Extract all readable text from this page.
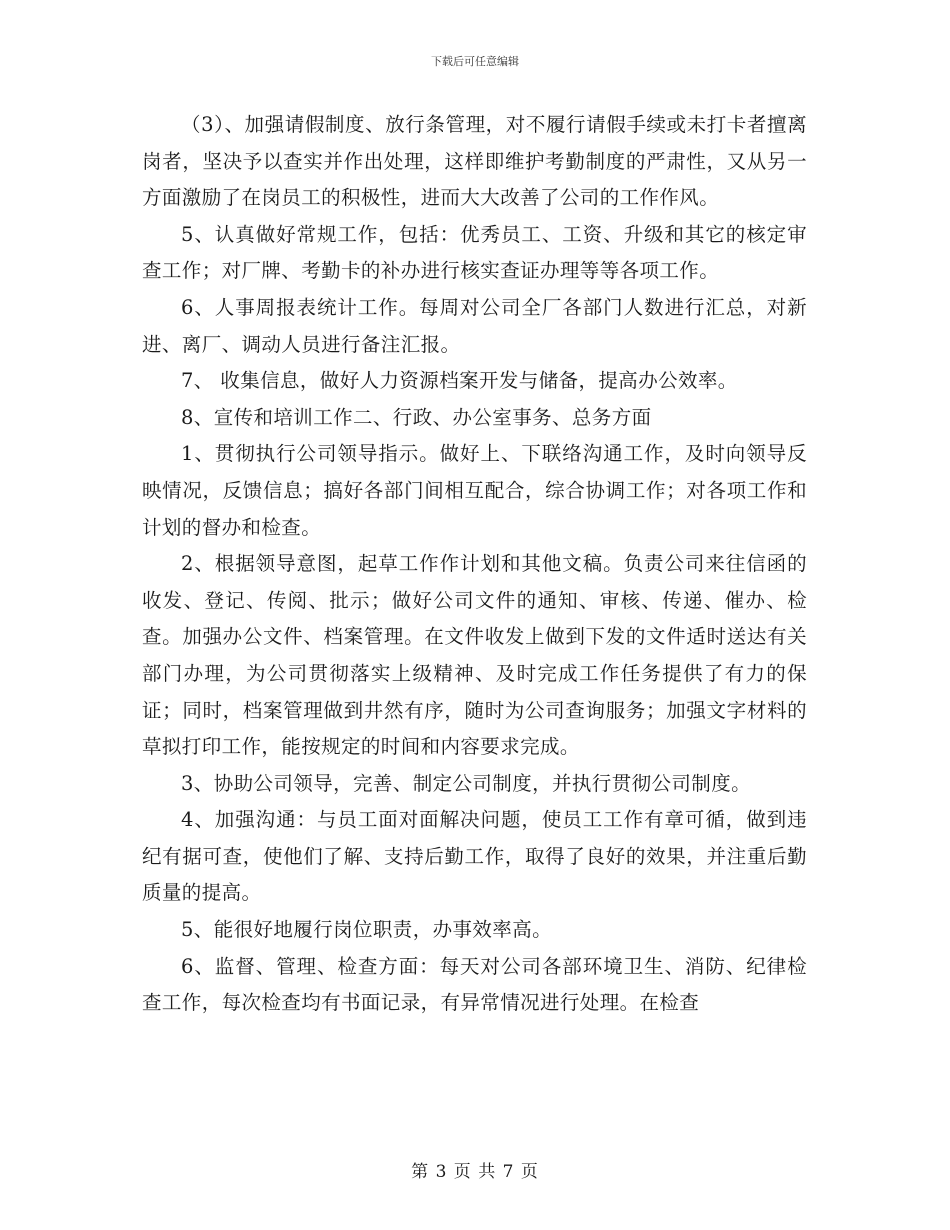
下载后可任意编辑

（3）、加强请假制度、放行条管理，对不履行请假手续或未打卡者擅离岗者，坚决予以查实并作出处理，这样即维护考勤制度的严肃性，又从另一方面激励了在岗员工的积极性，进而大大改善了公司的工作作风。

5、认真做好常规工作，包括：优秀员工、工资、升级和其它的核定审查工作；对厂牌、考勤卡的补办进行核实查证办理等等各项工作。

6、人事周报表统计工作。每周对公司全厂各部门人数进行汇总，对新进、离厂、调动人员进行备注汇报。

7、 收集信息，做好人力资源档案开发与储备，提高办公效率。

8、宣传和培训工作二、行政、办公室事务、总务方面

1、贯彻执行公司领导指示。做好上、下联络沟通工作，及时向领导反映情况，反馈信息；搞好各部门间相互配合，综合协调工作；对各项工作和计划的督办和检查。

2、根据领导意图，起草工作作计划和其他文稿。负责公司来往信函的收发、登记、传阅、批示；做好公司文件的通知、审核、传递、催办、检查。加强办公文件、档案管理。在文件收发上做到下发的文件适时送达有关部门办理，为公司贯彻落实上级精神、及时完成工作任务提供了有力的保证；同时，档案管理做到井然有序，随时为公司查询服务；加强文字材料的草拟打印工作，能按规定的时间和内容要求完成。

3、协助公司领导，完善、制定公司制度，并执行贯彻公司制度。

4、加强沟通：与员工面对面解决问题，使员工工作有章可循，做到违纪有据可查，使他们了解、支持后勤工作，取得了良好的效果，并注重后勤质量的提高。

5、能很好地履行岗位职责，办事效率高。

6、监督、管理、检查方面：每天对公司各部环境卫生、消防、纪律检查工作，每次检查均有书面记录，有异常情况进行处理。在检查

第 3 页 共 7 页
